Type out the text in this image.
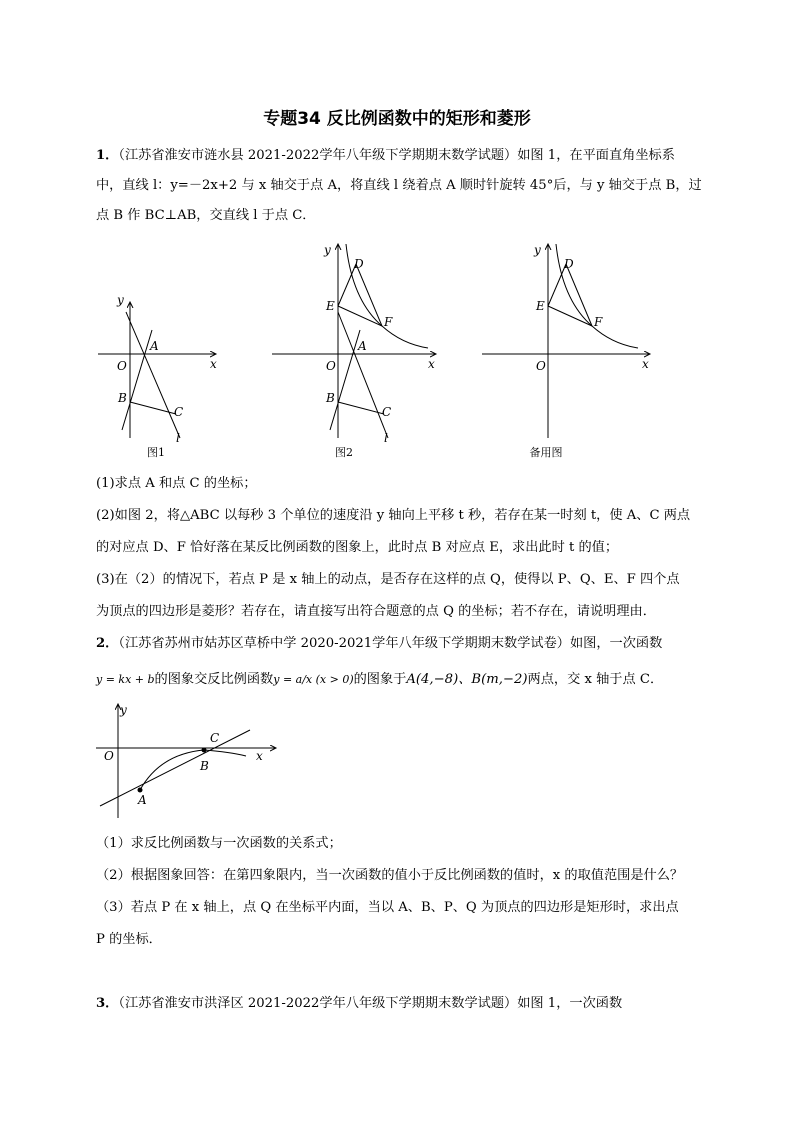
专题34 反比例函数中的矩形和菱形
1．（江苏省淮安市涟水县 2021-2022学年八年级下学期期末数学试题）如图 1，在平面直角坐标系
中，直线 l：y=－2x+2 与 x 轴交于点 A，将直线 l 绕着点 A 顺时针旋转 45°后，与 y 轴交于点 B，过
点 B 作 BC⊥AB，交直线 l 于点 C．
y
x
O
A
B
C
l
y
x
O
A
B
C
l
D
E
F
y
x
O
D
E
F
图1	图2	备用图
(1)求点 A 和点 C 的坐标；
(2)如图 2，将△ABC 以每秒 3 个单位的速度沿 y 轴向上平移 t 秒，若存在某一时刻 t，使 A、C 两点
的对应点 D、F 恰好落在某反比例函数的图象上，此时点 B 对应点 E，求出此时 t 的值；
(3)在（2）的情况下，若点 P 是 x 轴上的动点，是否存在这样的点 Q，使得以 P、Q、E、F 四个点
为顶点的四边形是菱形？若存在，请直接写出符合题意的点 Q 的坐标；若不存在，请说明理由．
2．（江苏省苏州市姑苏区草桥中学 2020-2021学年八年级下学期期末数学试卷）如图，一次函数
y = kx + b的图象交反比例函数y = a/x (x > 0)的图象于A(4,−8)、B(m,−2)两点，交 x 轴于点 C．
y
x
O
C
B
A
（1）求反比例函数与一次函数的关系式；
（2）根据图象回答：在第四象限内，当一次函数的值小于反比例函数的值时，x 的取值范围是什么？
（3）若点 P 在 x 轴上，点 Q 在坐标平内面，当以 A、B、P、Q 为顶点的四边形是矩形时，求出点
P 的坐标．
3．（江苏省淮安市洪泽区 2021-2022学年八年级下学期期末数学试题）如图 1，一次函数
